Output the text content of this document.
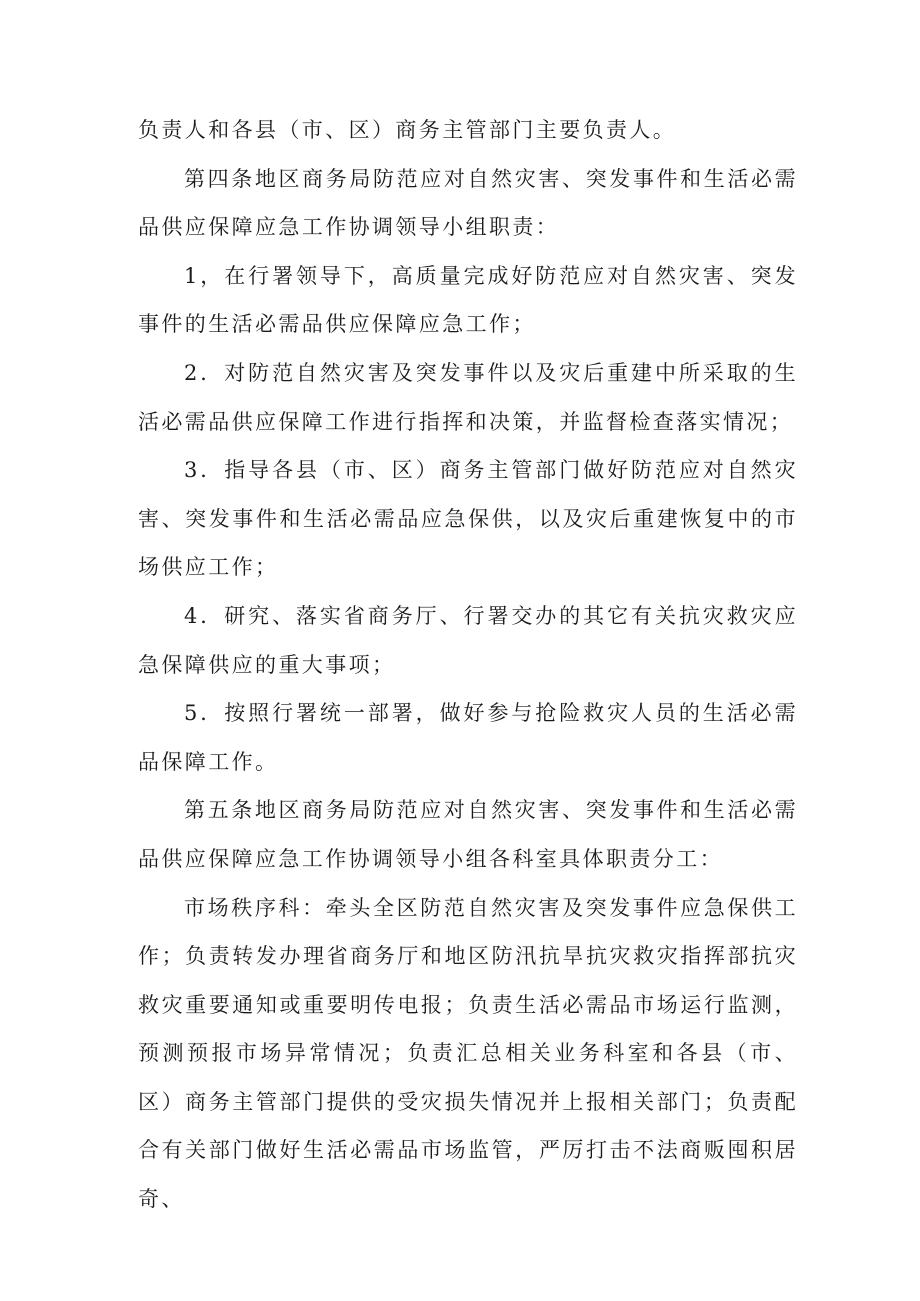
负责人和各县（市、区）商务主管部门主要负责人。

第四条地区商务局防范应对自然灾害、突发事件和生活必需品供应保障应急工作协调领导小组职责：

1，在行署领导下，高质量完成好防范应对自然灾害、突发事件的生活必需品供应保障应急工作；

2．对防范自然灾害及突发事件以及灾后重建中所采取的生活必需品供应保障工作进行指挥和决策，并监督检查落实情况；

3．指导各县（市、区）商务主管部门做好防范应对自然灾害、突发事件和生活必需品应急保供，以及灾后重建恢复中的市场供应工作；

4．研究、落实省商务厅、行署交办的其它有关抗灾救灾应急保障供应的重大事项；

5．按照行署统一部署，做好参与抢险救灾人员的生活必需品保障工作。

第五条地区商务局防范应对自然灾害、突发事件和生活必需品供应保障应急工作协调领导小组各科室具体职责分工：

市场秩序科：牵头全区防范自然灾害及突发事件应急保供工作；负责转发办理省商务厅和地区防汛抗旱抗灾救灾指挥部抗灾救灾重要通知或重要明传电报；负责生活必需品市场运行监测，预测预报市场异常情况；负责汇总相关业务科室和各县（市、区）商务主管部门提供的受灾损失情况并上报相关部门；负责配合有关部门做好生活必需品市场监管，严厉打击不法商贩囤积居奇、
